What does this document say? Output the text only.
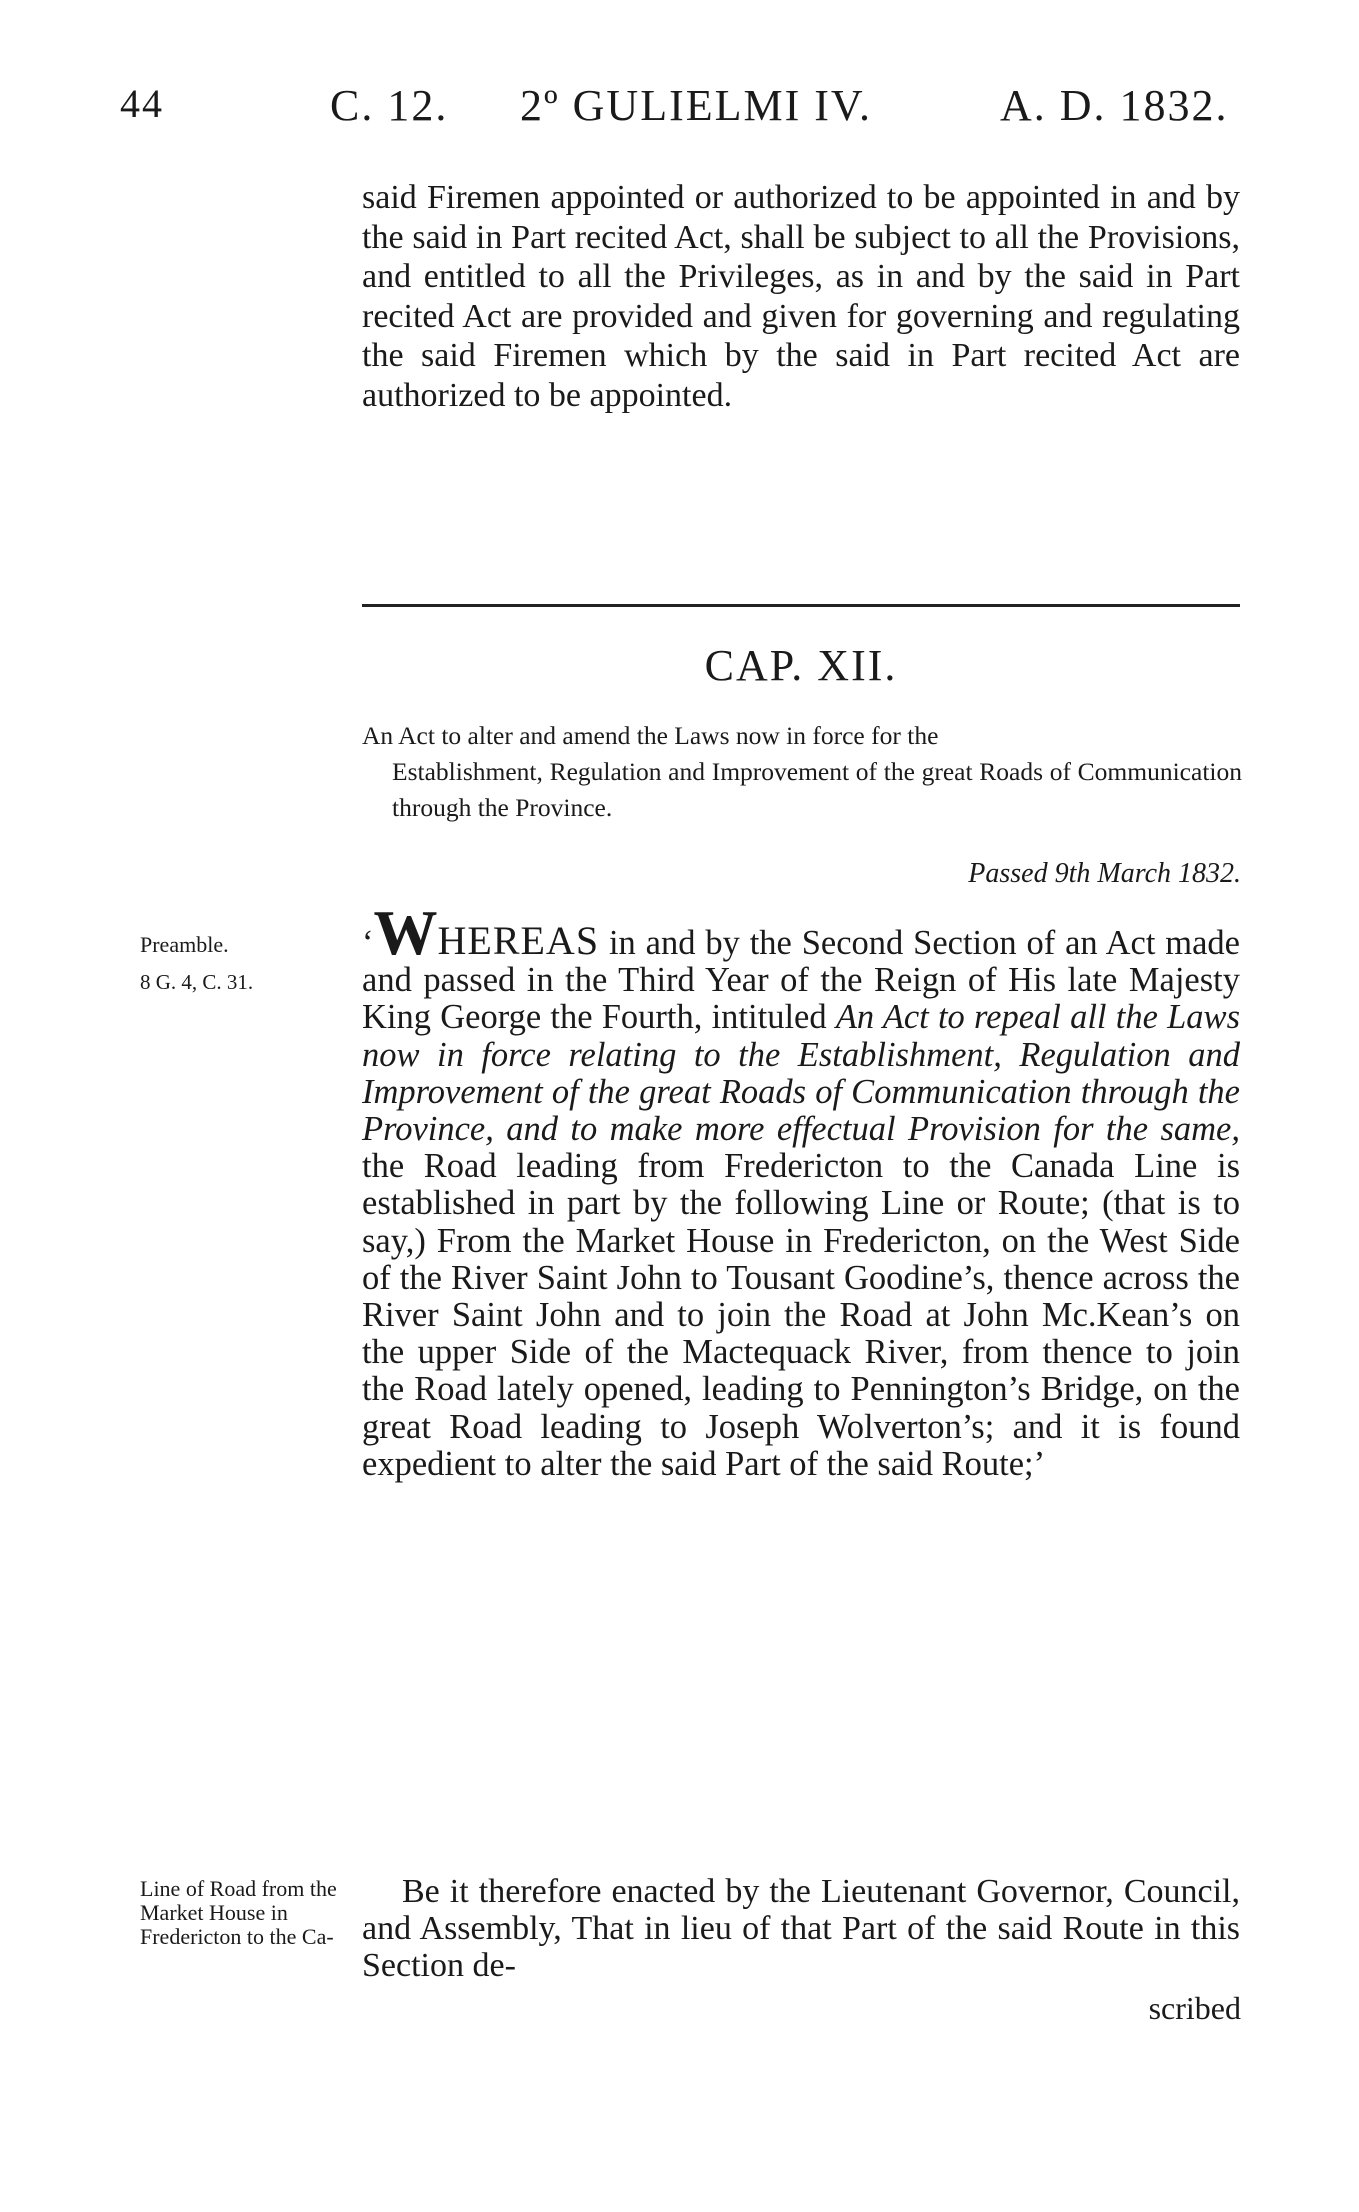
44	C. 12. 2º GULIELMI IV.	A. D. 1832.
said Firemen appointed or authorized to be appointed in and by the said in Part recited Act, shall be subject to all the Provisions, and entitled to all the Privileges, as in and by the said in Part recited Act are provided and given for governing and regulating the said Firemen which by the said in Part recited Act are authorized to be appointed.
CAP. XII.
An Act to alter and amend the Laws now in force for the
Establishment, Regulation and Improvement of the great Roads of Communication through the Province.
Passed 9th March 1832.
Preamble.
8 G. 4, C. 31.
‘WHEREAS in and by the Second Section of an Act made and passed in the Third Year of the Reign of His late Majesty King George the Fourth, intituled An Act to repeal all the Laws now in force relating to the Establishment, Regulation and Improvement of the great Roads of Communication through the Province, and to make more effectual Provision for the same, the Road leading from Fredericton to the Canada Line is established in part by the following Line or Route; (that is to say,) From the Market House in Fredericton, on the West Side of the River Saint John to Tousant Goodine’s, thence across the River Saint John and to join the Road at John Mc.Kean’s on the upper Side of the Mactequack River, from thence to join the Road lately opened, leading to Pennington’s Bridge, on the great Road leading to Joseph Wolverton’s; and it is found expedient to alter the said Part of the said Route;’
Line of Road from the Market House in Fredericton to the Ca-
Be it therefore enacted by the Lieutenant Governor, Council, and Assembly, That in lieu of that Part of the said Route in this Section de-
scribed
